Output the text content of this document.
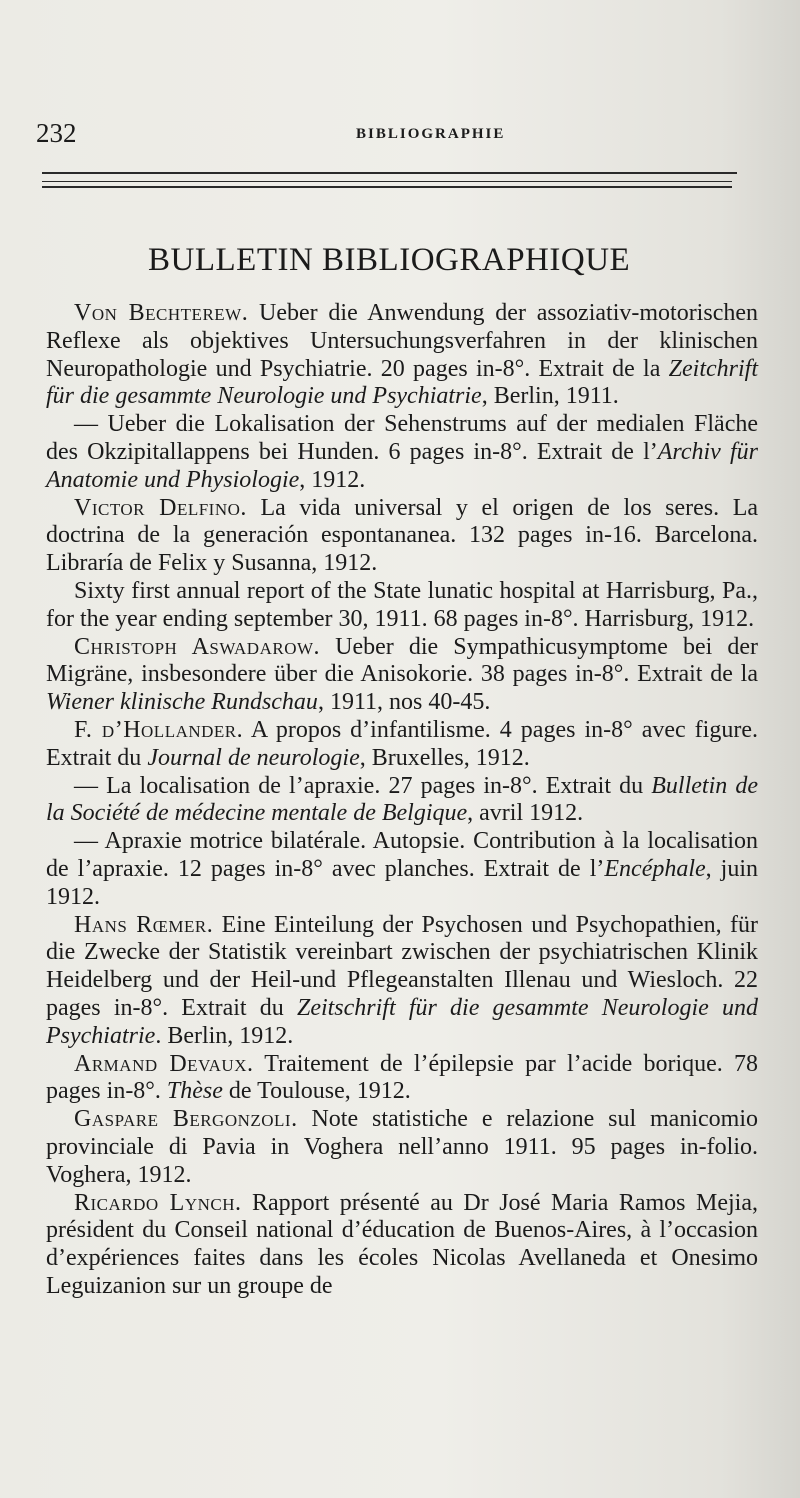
232	BIBLIOGRAPHIE
BULLETIN BIBLIOGRAPHIQUE

Von Bechterew. Ueber die Anwendung der assoziativ-motorischen Reflexe als objektives Untersuchungsverfahren in der klinischen Neuropathologie und Psychiatrie. 20 pages in-8°. Extrait de la Zeitchrift für die gesammte Neurologie und Psychiatrie, Berlin, 1911.

— Ueber die Lokalisation der Sehenstrums auf der medialen Fläche des Okzipitallappens bei Hunden. 6 pages in-8°. Extrait de l’Archiv für Anatomie und Physiologie, 1912.

Victor Delfino. La vida universal y el origen de los seres. La doctrina de la generación espontananea. 132 pages in-16. Barcelona. Libraría de Felix y Susanna, 1912.

Sixty first annual report of the State lunatic hospital at Harrisburg, Pa., for the year ending september 30, 1911. 68 pages in-8°. Harrisburg, 1912.

Christoph Aswadarow. Ueber die Sympathicusymptome bei der Migräne, insbesondere über die Anisokorie. 38 pages in-8°. Extrait de la Wiener klinische Rundschau, 1911, nos 40-45.

F. d’Hollander. A propos d’infantilisme. 4 pages in-8° avec figure. Extrait du Journal de neurologie, Bruxelles, 1912.

— La localisation de l’apraxie. 27 pages in-8°. Extrait du Bulletin de la Société de médecine mentale de Belgique, avril 1912.

— Apraxie motrice bilatérale. Autopsie. Contribution à la localisation de l’apraxie. 12 pages in-8° avec planches. Extrait de l’Encéphale, juin 1912.

Hans Rœmer. Eine Einteilung der Psychosen und Psychopathien, für die Zwecke der Statistik vereinbart zwischen der psychiatrischen Klinik Heidelberg und der Heil-und Pflegeanstalten Illenau und Wiesloch. 22 pages in-8°. Extrait du Zeitschrift für die gesammte Neurologie und Psychiatrie. Berlin, 1912.

Armand Devaux. Traitement de l’épilepsie par l’acide borique. 78 pages in-8°. Thèse de Toulouse, 1912.

Gaspare Bergonzoli. Note statistiche e relazione sul manicomio provinciale di Pavia in Voghera nell’anno 1911. 95 pages in-folio. Voghera, 1912.

Ricardo Lynch. Rapport présenté au Dr José Maria Ramos Mejia, président du Conseil national d’éducation de Buenos-Aires, à l’occasion d’expériences faites dans les écoles Nicolas Avellaneda et Onesimo Leguizanion sur un groupe de
